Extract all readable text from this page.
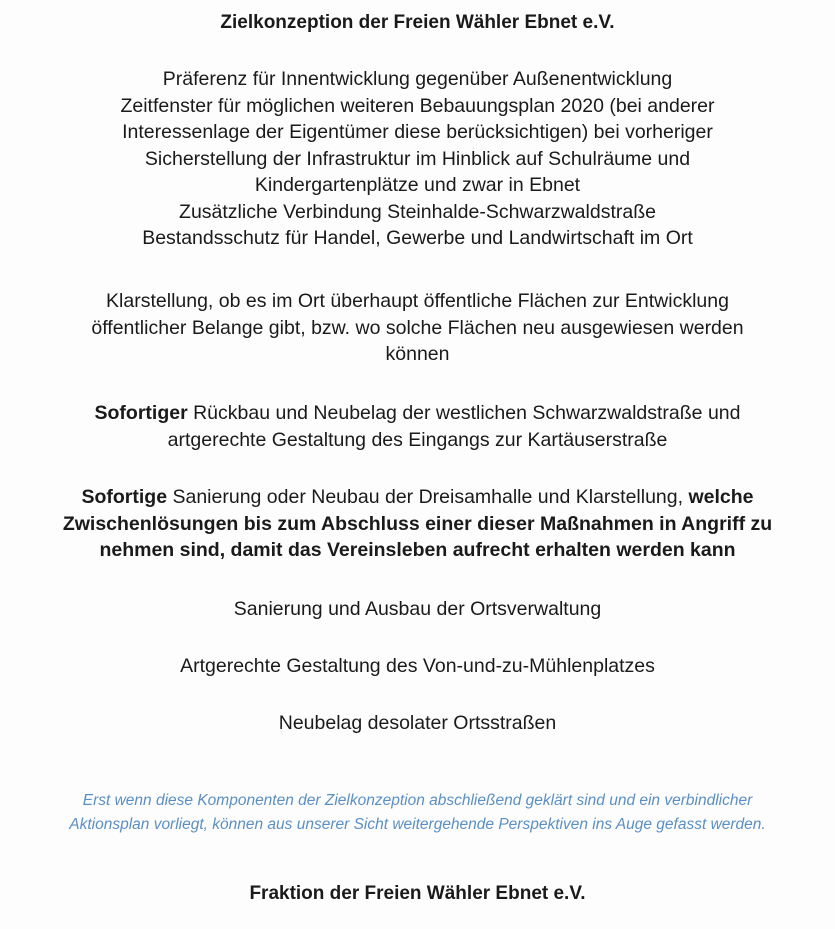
Zielkonzeption der Freien Wähler Ebnet e.V.
Präferenz für Innentwicklung gegenüber Außenentwicklung
Zeitfenster für möglichen weiteren Bebauungsplan 2020 (bei anderer
Interessenlage der Eigentümer diese berücksichtigen) bei vorheriger
Sicherstellung der Infrastruktur im Hinblick auf Schulräume und
Kindergartenplätze und zwar in Ebnet
Zusätzliche Verbindung Steinhalde-Schwarzwaldstraße
Bestandsschutz für Handel, Gewerbe und Landwirtschaft im Ort
Klarstellung, ob es im Ort überhaupt öffentliche Flächen zur Entwicklung
öffentlicher Belange gibt, bzw. wo solche Flächen neu ausgewiesen werden
können
Sofortiger Rückbau und Neubelag der westlichen Schwarzwaldstraße und
artgerechte Gestaltung des Eingangs zur Kartäuserstraße
Sofortige Sanierung oder Neubau der Dreisamhalle und Klarstellung, welche
Zwischenlösungen bis zum Abschluss einer dieser Maßnahmen in Angriff zu
nehmen sind, damit das Vereinsleben aufrecht erhalten werden kann
Sanierung und Ausbau der Ortsverwaltung
Artgerechte Gestaltung des Von-und-zu-Mühlenplatzes
Neubelag desolater Ortsstraßen
Erst wenn diese Komponenten der Zielkonzeption abschließend geklärt sind und ein verbindlicher
Aktionsplan vorliegt, können aus unserer Sicht weitergehende Perspektiven ins Auge gefasst werden.
Fraktion der Freien Wähler Ebnet e.V.
